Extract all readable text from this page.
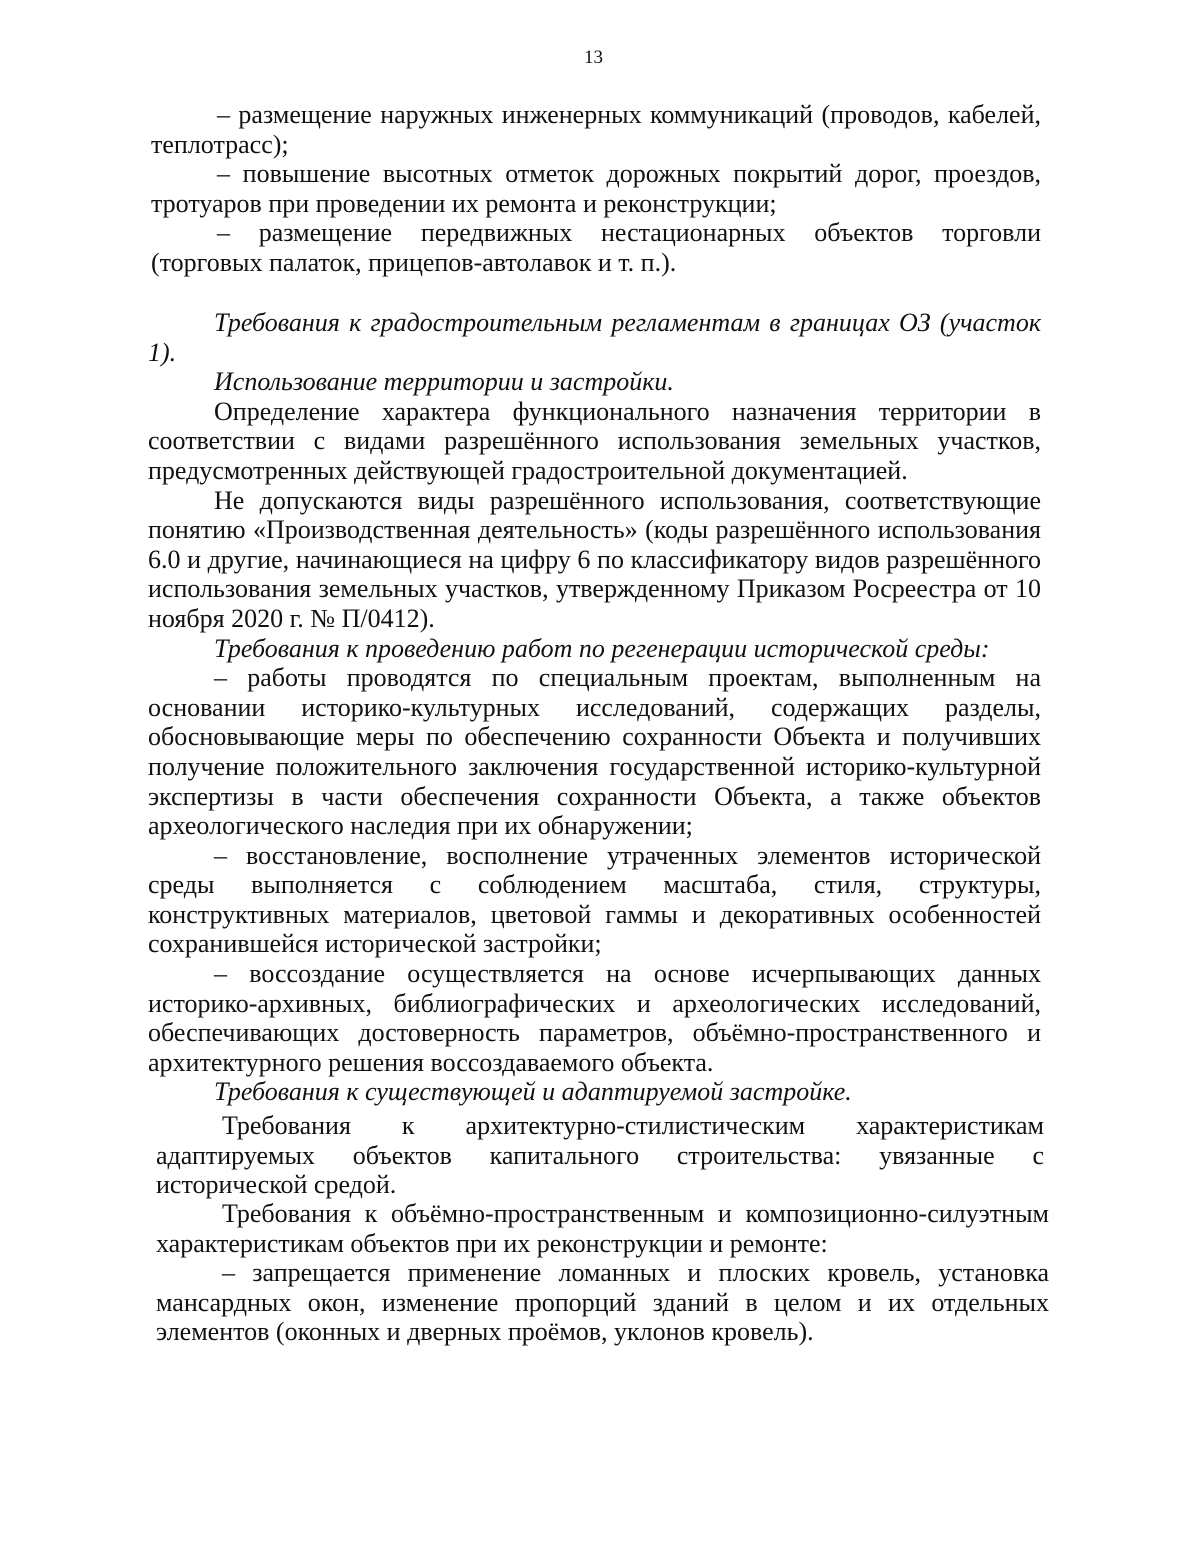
13

– размещение наружных инженерных коммуникаций (проводов, кабелей, теплотрасс);

– повышение высотных отметок дорожных покрытий дорог, проездов, тротуаров при проведении их ремонта и реконструкции;

– размещение передвижных нестационарных объектов торговли (торговых палаток, прицепов-автолавок и т. п.).

Требования к градостроительным регламентам в границах ОЗ (участок 1).

Использование территории и застройки.

Определение характера функционального назначения территории в соответствии с видами разрешённого использования земельных участков, предусмотренных действующей градостроительной документацией.

Не допускаются виды разрешённого использования, соответствующие понятию «Производственная деятельность» (коды разрешённого использования 6.0 и другие, начинающиеся на цифру 6 по классификатору видов разрешённого использования земельных участков, утвержденному Приказом Росреестра от 10 ноября 2020 г. № П/0412).

Требования к проведению работ по регенерации исторической среды:

– работы проводятся по специальным проектам, выполненным на основании историко-культурных исследований, содержащих разделы, обосновывающие меры по обеспечению сохранности Объекта и получивших получение положительного заключения государственной историко-культурной экспертизы в части обеспечения сохранности Объекта, а также объектов археологического наследия при их обнаружении;

– восстановление, восполнение утраченных элементов исторической среды выполняется с соблюдением масштаба, стиля, структуры, конструктивных материалов, цветовой гаммы и декоративных особенностей сохранившейся исторической застройки;

– воссоздание осуществляется на основе исчерпывающих данных историко-архивных, библиографических и археологических исследований, обеспечивающих достоверность параметров, объёмно-пространственного и архитектурного решения воссоздаваемого объекта.

Требования к существующей и адаптируемой застройке.

Требования к архитектурно-стилистическим характеристикам адаптируемых объектов капитального строительства: увязанные с исторической средой.

Требования к объёмно-пространственным и композиционно-силуэтным характеристикам объектов при их реконструкции и ремонте:

– запрещается применение ломанных и плоских кровель, установка мансардных окон, изменение пропорций зданий в целом и их отдельных элементов (оконных и дверных проёмов, уклонов кровель).
